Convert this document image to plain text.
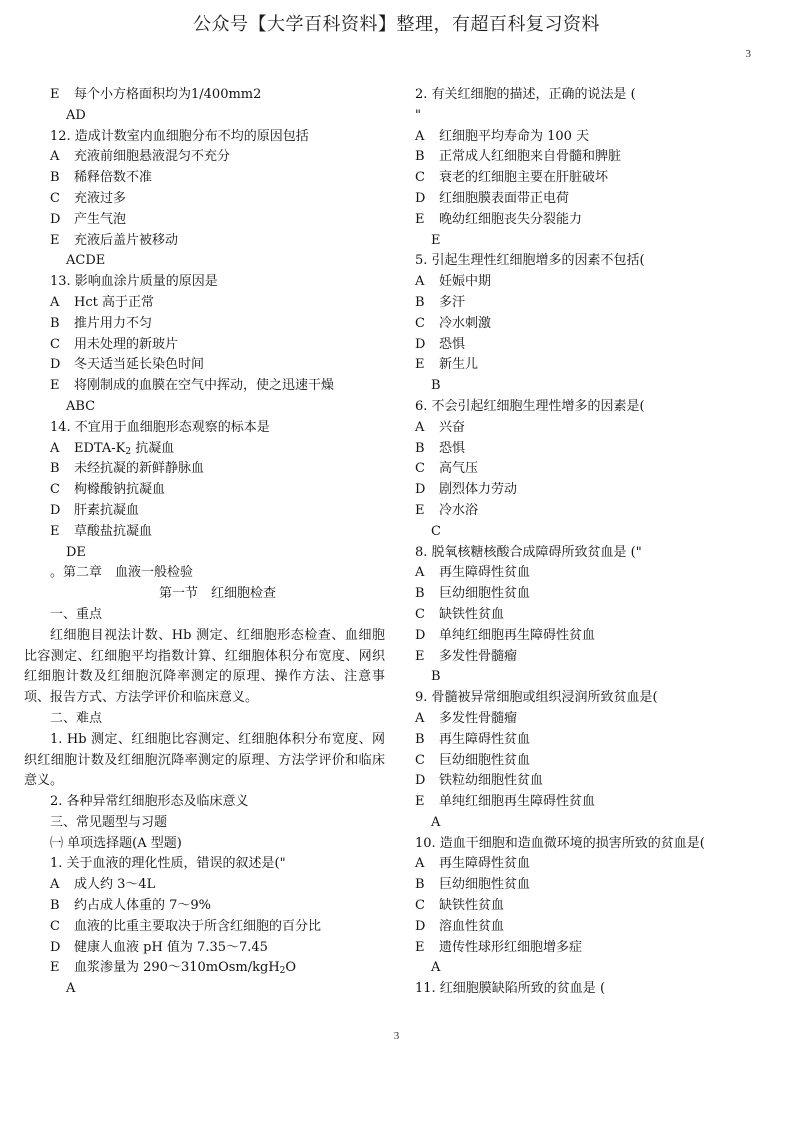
公众号【大学百科资料】整理，有超百科复习资料
3
E 每个小方格面积均为1/400mm2
AD
12. 造成计数室内血细胞分布不均的原因包括
A 充液前细胞悬液混匀不充分
B 稀释倍数不准
C 充液过多
D 产生气泡
E 充液后盖片被移动
ACDE
13. 影响血涂片质量的原因是
A Hct 高于正常
B 推片用力不匀
C 用未处理的新玻片
D 冬天适当延长染色时间
E 将刚制成的血膜在空气中挥动，使之迅速干燥
ABC
14. 不宜用于血细胞形态观察的标本是
A EDTA-$K_2$ 抗凝血
B 未经抗凝的新鲜静脉血
C 枸橼酸钠抗凝血
D 肝素抗凝血
E 草酸盐抗凝血
DE
。第二章　血液一般检验
第一节　红细胞检查
一、重点
红细胞目视法计数、Hb 测定、红细胞形态检查、血细胞比容测定、红细胞平均指数计算、红细胞体积分布宽度、网织红细胞计数及红细胞沉降率测定的原理、操作方法、注意事项、报告方式、方法学评价和临床意义。
二、难点
1. Hb 测定、红细胞比容测定、红细胞体积分布宽度、网织红细胞计数及红细胞沉降率测定的原理、方法学评价和临床意义。
2. 各种异常红细胞形态及临床意义
三、常见题型与习题
㈠ 单项选择题(A 型题)
1. 关于血液的理化性质，错误的叙述是("
A 成人约 3～4L
B 约占成人体重的 7～9%
C 血液的比重主要取决于所含红细胞的百分比
D 健康人血液 pH 值为 7.35～7.45
E 血浆渗量为 290～310mOsm/kgH$_2$O
A
2. 有关红细胞的描述，正确的说法是 (
"
A 红细胞平均寿命为 100 天
B 正常成人红细胞来自骨髓和脾脏
C 衰老的红细胞主要在肝脏破坏
D 红细胞膜表面带正电荷
E 晚幼红细胞丧失分裂能力
E
5. 引起生理性红细胞增多的因素不包括(
A 妊娠中期
B 多汗
C 冷水刺激
D 恐惧
E 新生儿
B
6. 不会引起红细胞生理性增多的因素是(
A 兴奋
B 恐惧
C 高气压
D 剧烈体力劳动
E 冷水浴
C
8. 脱氧核糖核酸合成障碍所致贫血是 ("
A 再生障碍性贫血
B 巨幼细胞性贫血
C 缺铁性贫血
D 单纯红细胞再生障碍性贫血
E 多发性骨髓瘤
B
9. 骨髓被异常细胞或组织浸润所致贫血是(
A 多发性骨髓瘤
B 再生障碍性贫血
C 巨幼细胞性贫血
D 铁粒幼细胞性贫血
E 单纯红细胞再生障碍性贫血
A
10. 造血干细胞和造血微环境的损害所致的贫血是(
A 再生障碍性贫血
B 巨幼细胞性贫血
C 缺铁性贫血
D 溶血性贫血
E 遗传性球形红细胞增多症
A
11. 红细胞膜缺陷所致的贫血是 (
3
